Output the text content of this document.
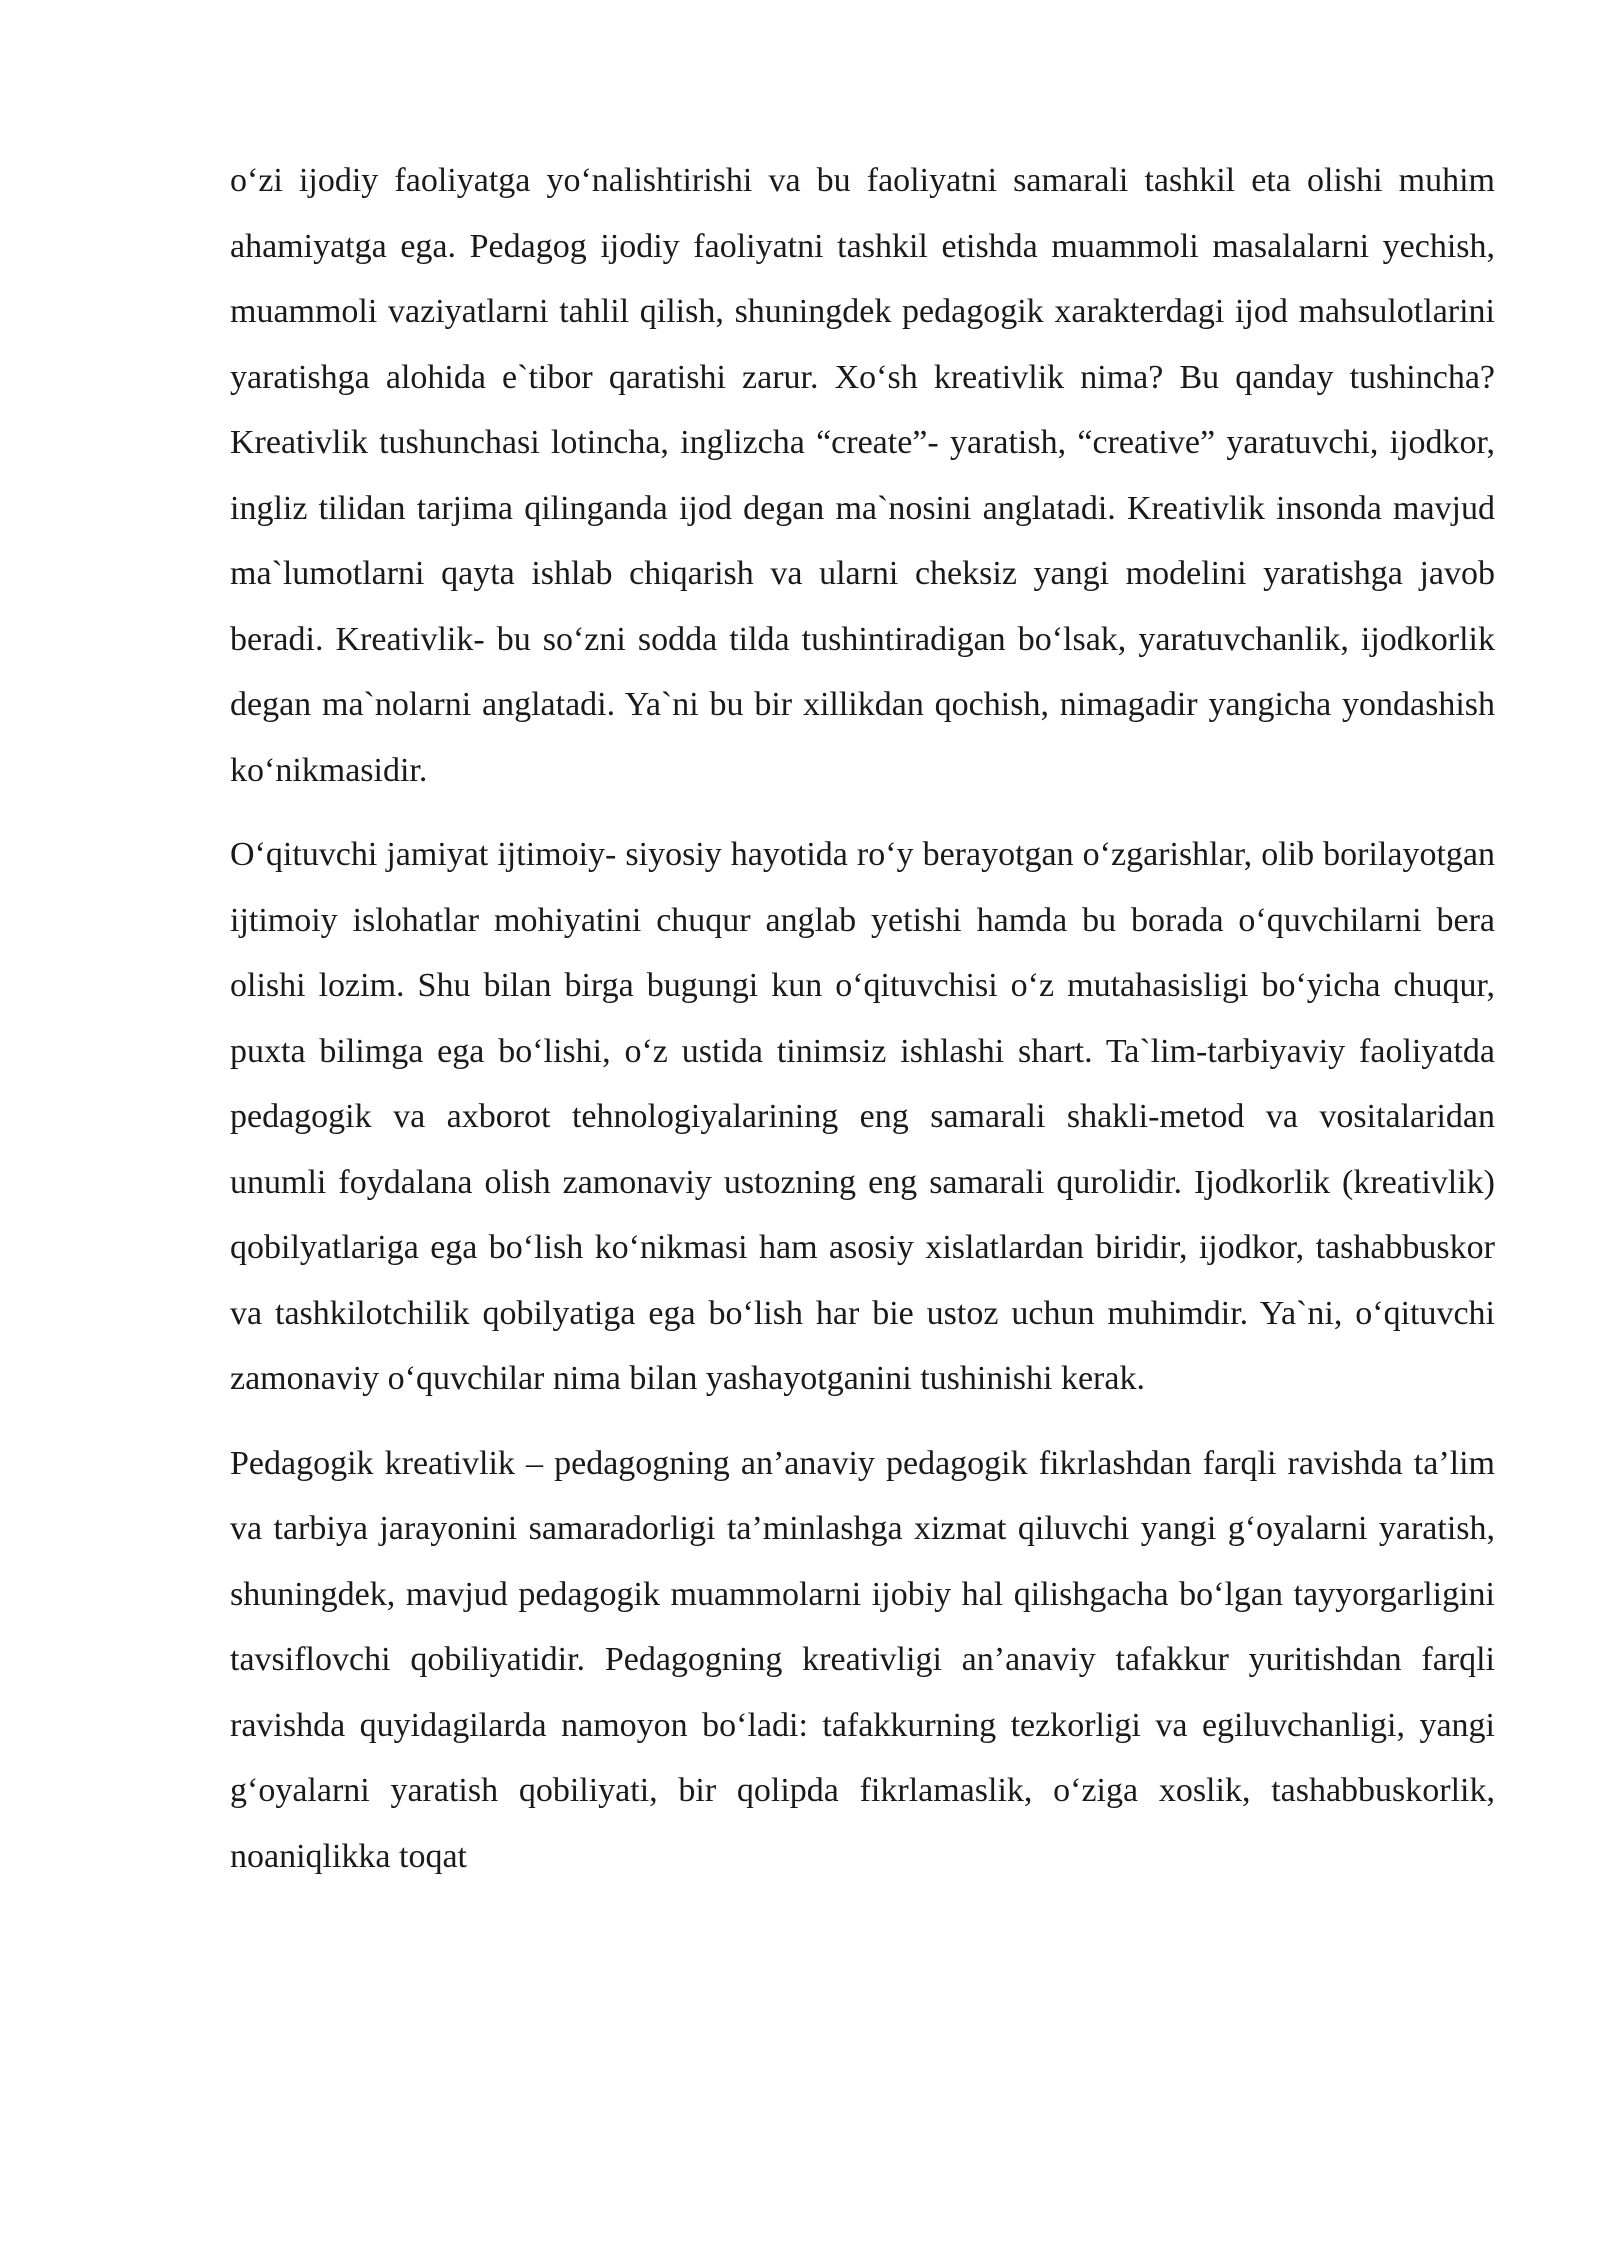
o‘zi ijodiy faoliyatga yo‘nalishtirishi va bu faoliyatni samarali tashkil eta olishi muhim ahamiyatga ega. Pedagog ijodiy faoliyatni tashkil etishda muammoli masalalarni yechish, muammoli vaziyatlarni tahlil qilish, shuningdek pedagogik xarakterdagi ijod mahsulotlarini yaratishga alohida e`tibor qaratishi zarur. Xo‘sh kreativlik nima? Bu qanday tushincha? Kreativlik tushunchasi lotincha, inglizcha “create”- yaratish, “creative” yaratuvchi, ijodkor, ingliz tilidan tarjima qilinganda ijod degan ma`nosini anglatadi. Kreativlik insonda mavjud ma`lumotlarni qayta ishlab chiqarish va ularni cheksiz yangi modelini yaratishga javob beradi. Kreativlik- bu so‘zni sodda tilda tushintiradigan bo‘lsak, yaratuvchanlik, ijodkorlik degan ma`nolarni anglatadi. Ya`ni bu bir xillikdan qochish, nimagadir yangicha yondashish ko‘nikmasidir.

O‘qituvchi jamiyat ijtimoiy- siyosiy hayotida ro‘y berayotgan o‘zgarishlar, olib borilayotgan ijtimoiy islohatlar mohiyatini chuqur anglab yetishi hamda bu borada o‘quvchilarni bera olishi lozim. Shu bilan birga bugungi kun o‘qituvchisi o‘z mutahasisligi bo‘yicha chuqur, puxta bilimga ega bo‘lishi, o‘z ustida tinimsiz ishlashi shart. Ta`lim-tarbiyaviy faoliyatda pedagogik va axborot tehnologiyalarining eng samarali shakli-metod va vositalaridan unumli foydalana olish zamonaviy ustozning eng samarali qurolidir. Ijodkorlik (kreativlik) qobilyatlariga ega bo‘lish ko‘nikmasi ham asosiy xislatlardan biridir, ijodkor, tashabbuskor va tashkilotchilik qobilyatiga ega bo‘lish har bie ustoz uchun muhimdir. Ya`ni, o‘qituvchi zamonaviy o‘quvchilar nima bilan yashayotganini tushinishi kerak.

Pedagogik kreativlik – pedagogning an’anaviy pedagogik fikrlashdan farqli ravishda ta’lim va tarbiya jarayonini samaradorligi ta’minlashga xizmat qiluvchi yangi g‘oyalarni yaratish, shuningdek, mavjud pedagogik muammolarni ijobiy hal qilishgacha bo‘lgan tayyorgarligini tavsiflovchi qobiliyatidir. Pedagogning kreativligi an’anaviy tafakkur yuritishdan farqli ravishda quyidagilarda namoyon bo‘ladi: tafakkurning tezkorligi va egiluvchanligi, yangi g‘oyalarni yaratish qobiliyati, bir qolipda fikrlamaslik, o‘ziga xoslik, tashabbuskorlik, noaniqlikka toqat
